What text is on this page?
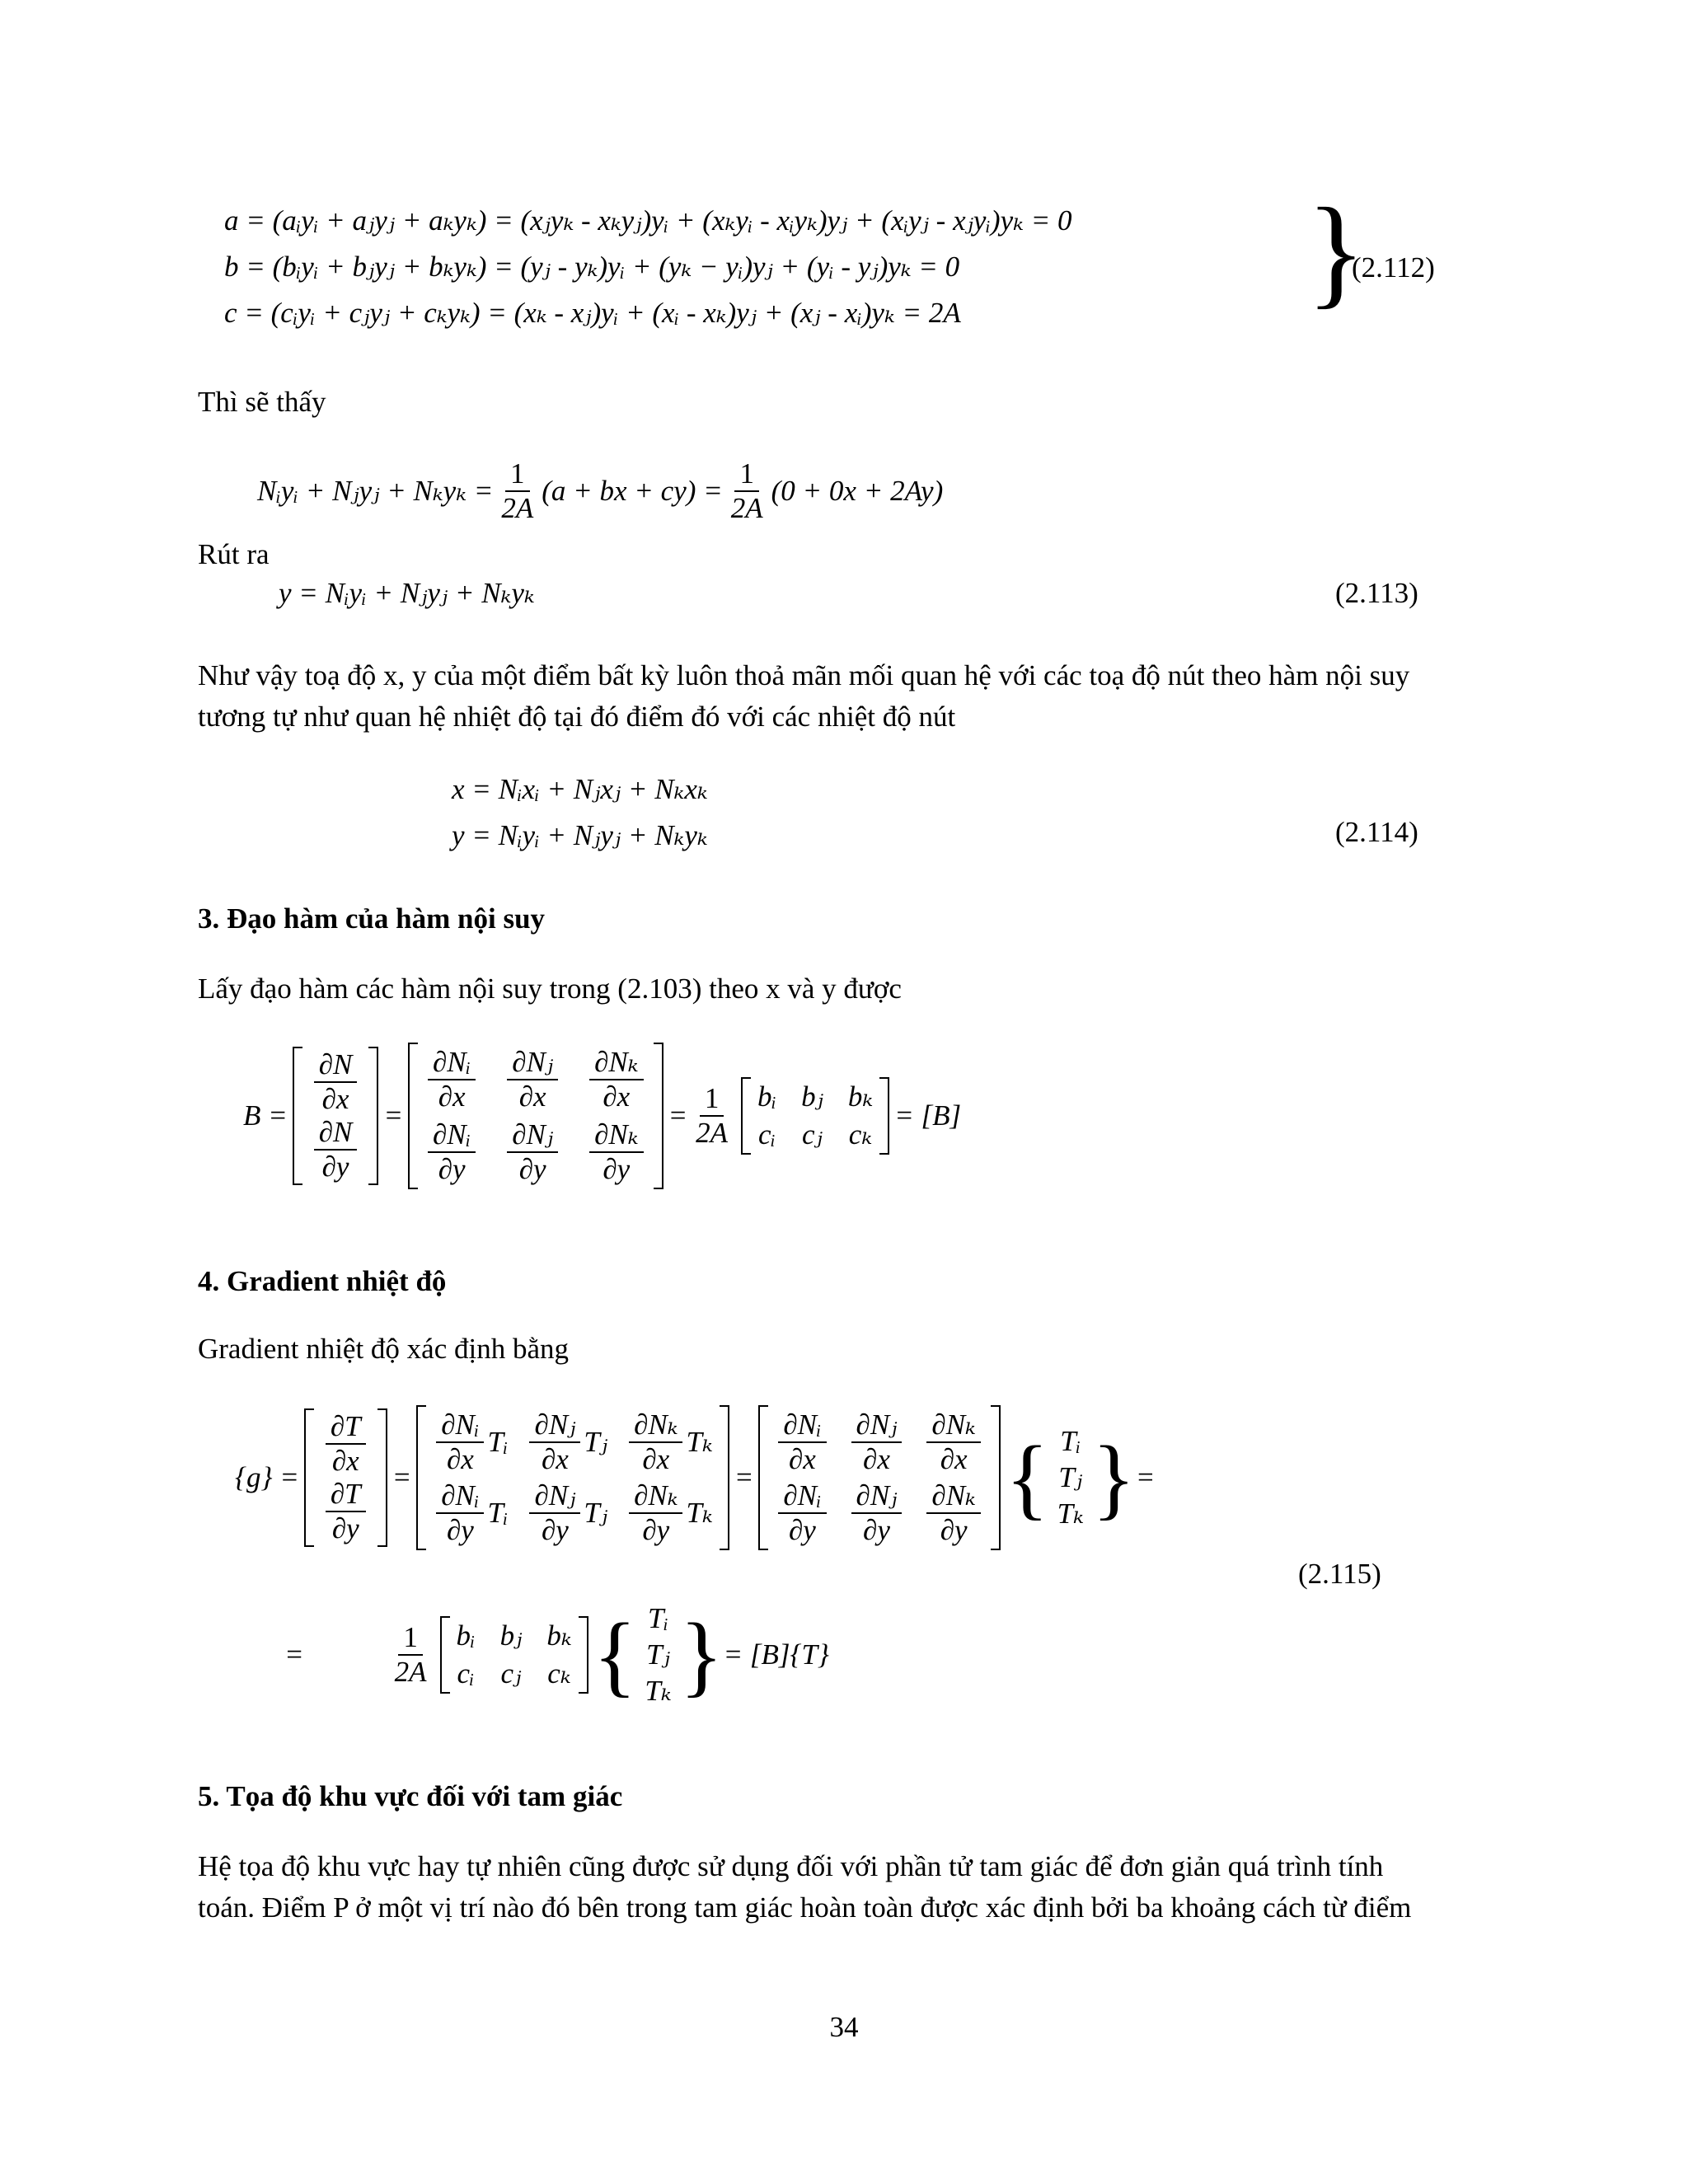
a = (aᵢyᵢ + aⱼyⱼ + aₖyₖ) = (xⱼyₖ - xₖyⱼ)yᵢ + (xₖyᵢ - xᵢyₖ)yⱼ + (xᵢyⱼ - xⱼyᵢ)yₖ = 0
b = (bᵢyᵢ + bⱼyⱼ + bₖyₖ) = (yⱼ - yₖ)yᵢ + (yₖ − yᵢ)yⱼ + (yᵢ - yⱼ)yₖ = 0
c = (cᵢyᵢ + cⱼyⱼ + cₖyₖ) = (xₖ - xⱼ)yᵢ + (xᵢ - xₖ)yⱼ + (xⱼ - xᵢ)yₖ = 2A	}
(2.112)
Thì sẽ thấy
Nᵢyᵢ + Nⱼyⱼ + $N_ky_k = \frac{1}{2A} (a$ + bx + $cy) = \frac{1}{2A} (0 + 0x + 2Ay)$
Rút ra
y = Nᵢyᵢ + Nⱼyⱼ + Nₖyₖ	(2.113)
Như vậy toạ độ x, y của một điểm bất kỳ luôn thoả mãn mối quan hệ với các toạ độ nút theo hàm nội suy
tương tự như quan hệ nhiệt độ tại đó điểm đó với các nhiệt độ nút
x = Nᵢxᵢ + Nⱼxⱼ + Nₖxₖ
y = Nᵢyᵢ + Nⱼyⱼ + Nₖyₖ	(2.114)
3. Đạo hàm của hàm nội suy
Lấy đạo hàm các hàm nội suy trong (2.103) theo x và y được
$B = \frac{\partial N}{\partial x}$
$\frac{\partial N}{\partial y}$
=
$\frac{\text{∂Nᵢ}}{\partial x} \frac{\text{∂Nⱼ}}{\partial x} \frac{\text{∂Nₖ}}{\partial x}$
$\frac{\text{∂Nᵢ}}{\partial y} \frac{\text{∂Nⱼ}}{\partial y} \frac{\text{∂Nₖ}}{\partial y}$
= $\frac{1}{2A}$ bᵢ bⱼ bₖ
cᵢ cⱼ cₖ
= [B]
4. Gradient nhiệt độ
Gradient nhiệt độ xác định bằng
$\{g\} = \frac{\partial T}{\partial x}$
$\frac{\partial T}{\partial y}$
=
$\frac{\text{∂Nᵢ}}{\partial x}$ Tᵢ $\frac{\text{∂Nⱼ}}{\partial x}$ Tⱼ $\frac{\text{∂Nₖ}}{\partial x}$ Tₖ
$\frac{\text{∂Nᵢ}}{\partial y}$ Tᵢ $\frac{\text{∂Nⱼ}}{\partial y}$ Tⱼ $\frac{\text{∂Nₖ}}{\partial y}$ Tₖ
=
$\frac{\text{∂Nᵢ}}{\partial x} \frac{\text{∂Nⱼ}}{\partial x} \frac{\text{∂Nₖ}}{\partial x}$
$\frac{\text{∂Nᵢ}}{\partial y} \frac{\text{∂Nⱼ}}{\partial y} \frac{\text{∂Nₖ}}{\partial y}$ { Tᵢ
Tⱼ
Tₖ } =
(2.115)
=	$\frac{1}{2A}$ bᵢ bⱼ bₖ
cᵢ cⱼ cₖ { Tᵢ
Tⱼ
Tₖ } = [B]{T}
5. Tọa độ khu vực đối với tam giác
Hệ tọa độ khu vực hay tự nhiên cũng được sử dụng đối với phần tử tam giác để đơn giản quá trình tính
toán. Điểm P ở một vị trí nào đó bên trong tam giác hoàn toàn được xác định bởi ba khoảng cách từ điểm
34
